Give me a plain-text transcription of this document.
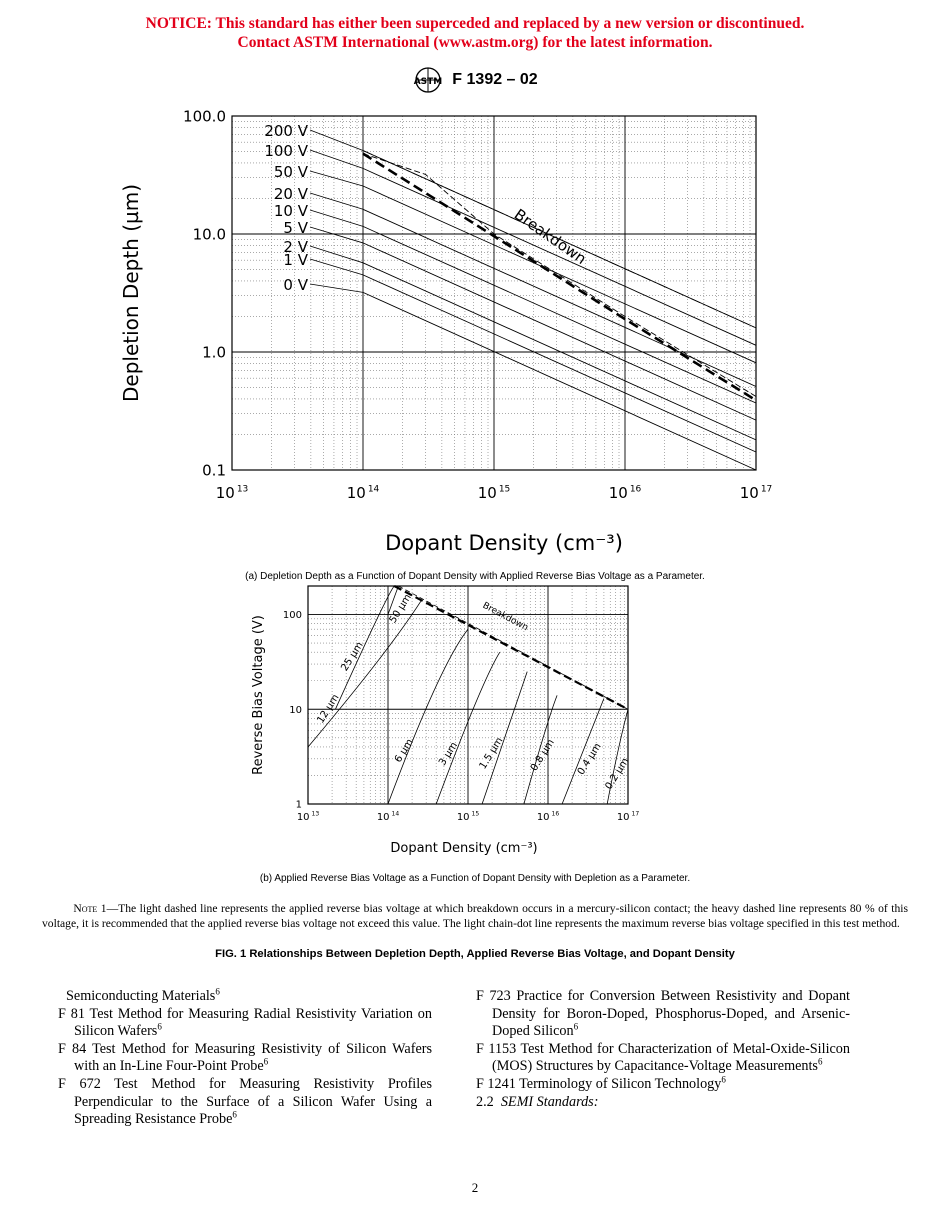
NOTICE: This standard has either been superceded and replaced by a new version or discontinued.
Contact ASTM International (www.astm.org) for the latest information.
ASTM F 1392 – 02
10 $^{13}$	10 $^{14}$	10 $^{15}$	10 $^{16}$	10 $^{17}$
100.0
10.0
1.0
0.1
Dopant Density (cm⁻³)
Depletion Depth (µm)
200 V
100 V
50 V
20 V
10 V
5 V
2 V
1 V
0 V
Breakdown
(a) Depletion Depth as a Function of Dopant Density with Applied Reverse Bias Voltage as a Parameter.
10 $^{13}$	10 $^{14}$	10 $^{15}$	10 $^{16}$	10 $^{17}$
100
10
1
Dopant Density (cm⁻³)
Reverse Bias Voltage (V)
50 µm
25 µm
12 µm
6 µm 3 µm 1.5 µm 0.8 µm 0.4 µm 0.2 µm
Breakdown
(b) Applied Reverse Bias Voltage as a Function of Dopant Density with Depletion as a Parameter.
Note 1—The light dashed line represents the applied reverse bias voltage at which breakdown occurs in a mercury-silicon contact; the heavy dashed line represents 80 % of this voltage, it is recommended that the applied reverse bias voltage not exceed this value. The light chain-dot line represents the maximum reverse bias voltage specified in this test method.
FIG. 1 Relationships Between Depletion Depth, Applied Reverse Bias Voltage, and Dopant Density

Semiconducting Materials$^6$

F 81 Test Method for Measuring Radial Resistivity Variation on Silicon Wafers$^6$

F 84 Test Method for Measuring Resistivity of Silicon Wafers with an In-Line Four-Point Probe$^6$

F 672 Test Method for Measuring Resistivity Profiles Perpendicular to the Surface of a Silicon Wafer Using a Spreading Resistance Probe$^6$

F 723 Practice for Conversion Between Resistivity and Dopant Density for Boron-Doped, Phosphorus-Doped, and Arsenic-Doped Silicon$^6$

F 1153 Test Method for Characterization of Metal-Oxide-Silicon (MOS) Structures by Capacitance-Voltage Measurements$^6$

F 1241 Terminology of Silicon Technology$^6$

2.2 SEMI Standards:

2
